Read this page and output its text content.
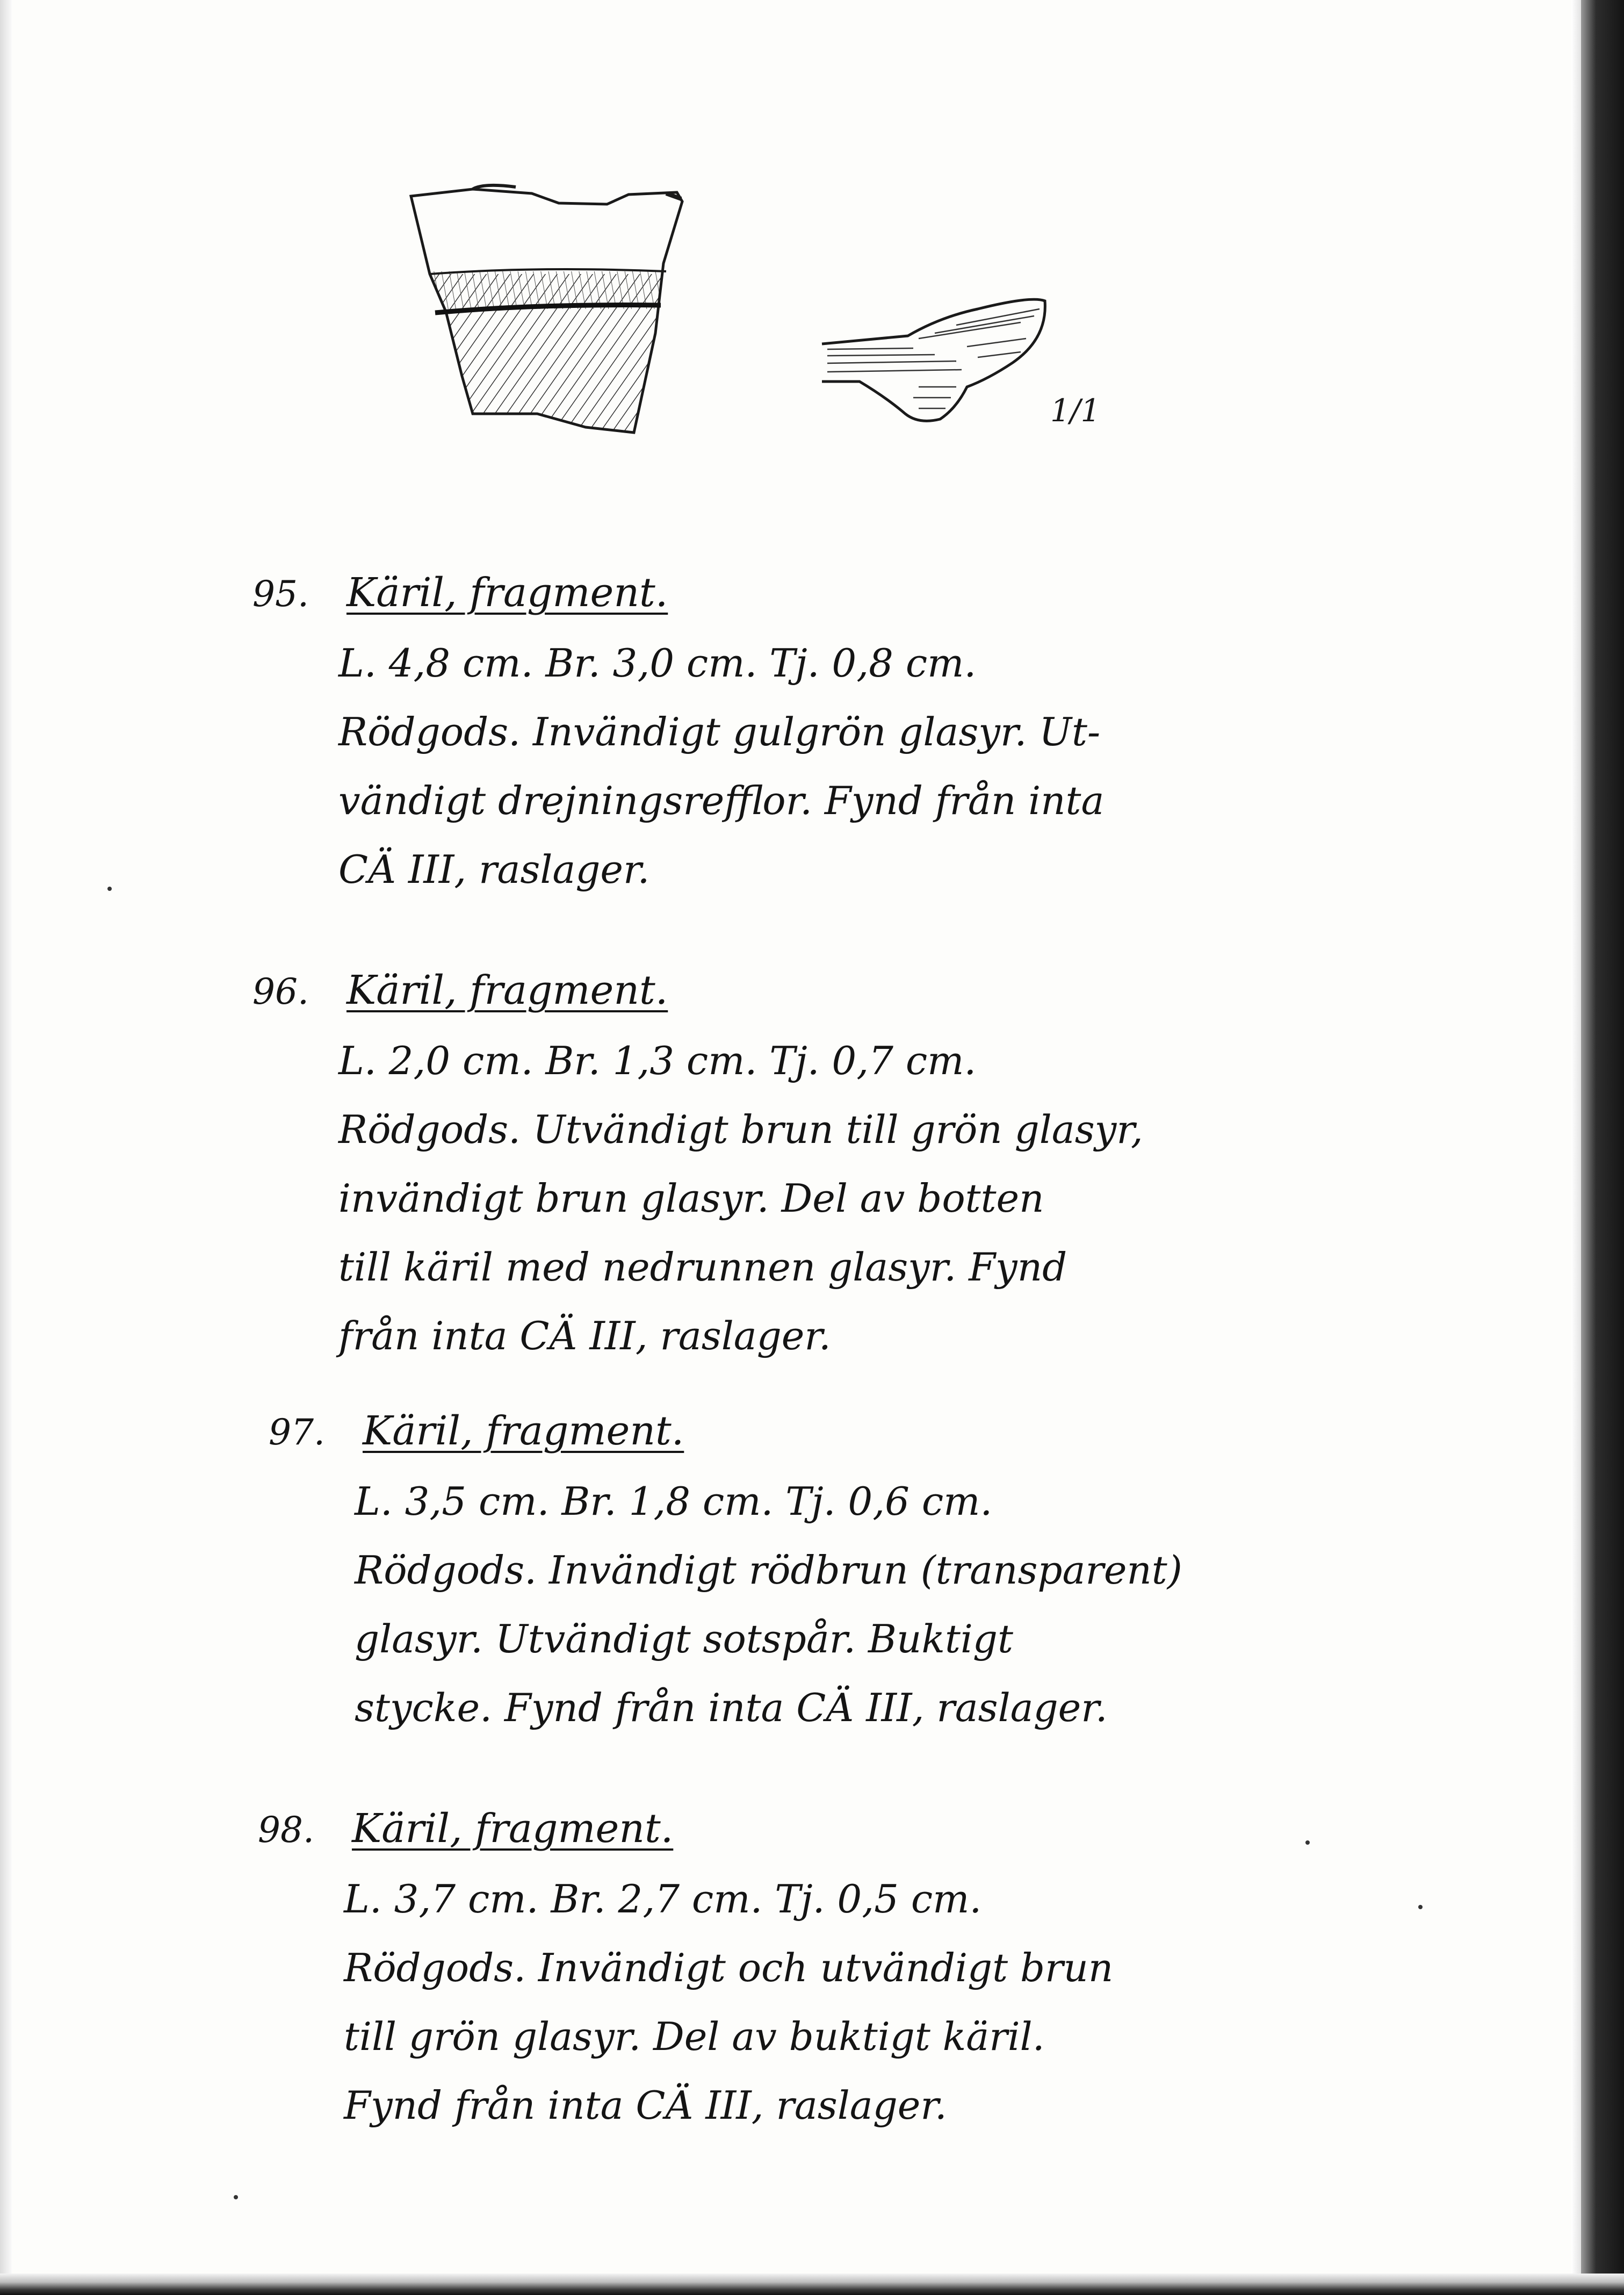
1/1
95. Käril, fragment.
L. 4,8 cm. Br. 3,0 cm. Tj. 0,8 cm.
Rödgods. Invändigt gulgrön glasyr. Ut-
vändigt drejningsrefflor. Fynd från inta
CÄ III, raslager.
96. Käril, fragment.
L. 2,0 cm. Br. 1,3 cm. Tj. 0,7 cm.
Rödgods. Utvändigt brun till grön glasyr,
invändigt brun glasyr. Del av botten
till käril med nedrunnen glasyr. Fynd
från inta CÄ III, raslager.
97. Käril, fragment.
L. 3,5 cm. Br. 1,8 cm. Tj. 0,6 cm.
Rödgods. Invändigt rödbrun (transparent)
glasyr. Utvändigt sotspår. Buktigt
stycke. Fynd från inta CÄ III, raslager.
98. Käril, fragment.
L. 3,7 cm. Br. 2,7 cm. Tj. 0,5 cm.
Rödgods. Invändigt och utvändigt brun
till grön glasyr. Del av buktigt käril.
Fynd från inta CÄ III, raslager.
